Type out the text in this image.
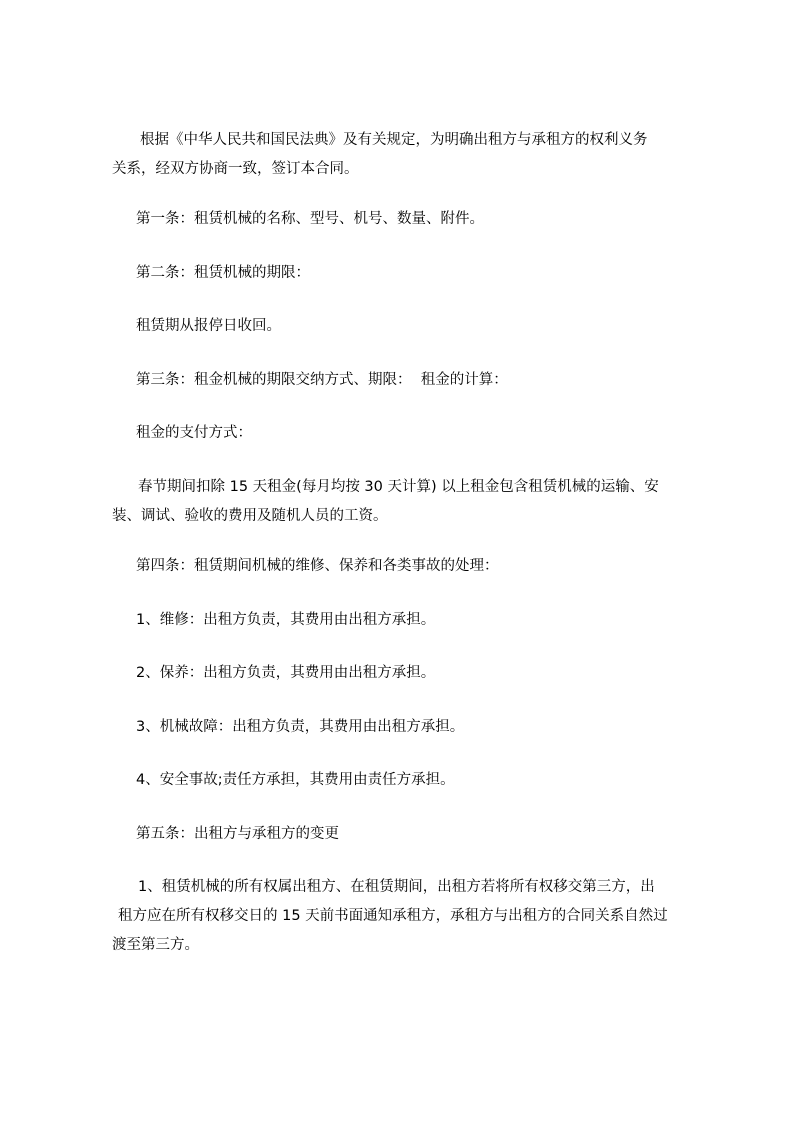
根据《中华人民共和国民法典》及有关规定，为明确出租方与承租方的权利义务
关系，经双方协商一致，签订本合同。
第一条：租赁机械的名称、型号、机号、数量、附件。
第二条：租赁机械的期限：
租赁期从报停日收回。
第三条：租金机械的期限交纳方式、期限：  租金的计算：
租金的支付方式：
春节期间扣除 15 天租金(每月均按 30 天计算) 以上租金包含租赁机械的运输、安
装、调试、验收的费用及随机人员的工资。
第四条：租赁期间机械的维修、保养和各类事故的处理：
1、维修：出租方负责，其费用由出租方承担。
2、保养：出租方负责，其费用由出租方承担。
3、机械故障：出租方负责，其费用由出租方承担。
4、安全事故;责任方承担，其费用由责任方承担。
第五条：出租方与承租方的变更
1、租赁机械的所有权属出租方、在租赁期间，出租方若将所有权移交第三方，出
租方应在所有权移交日的 15 天前书面通知承租方，承租方与出租方的合同关系自然过
渡至第三方。
